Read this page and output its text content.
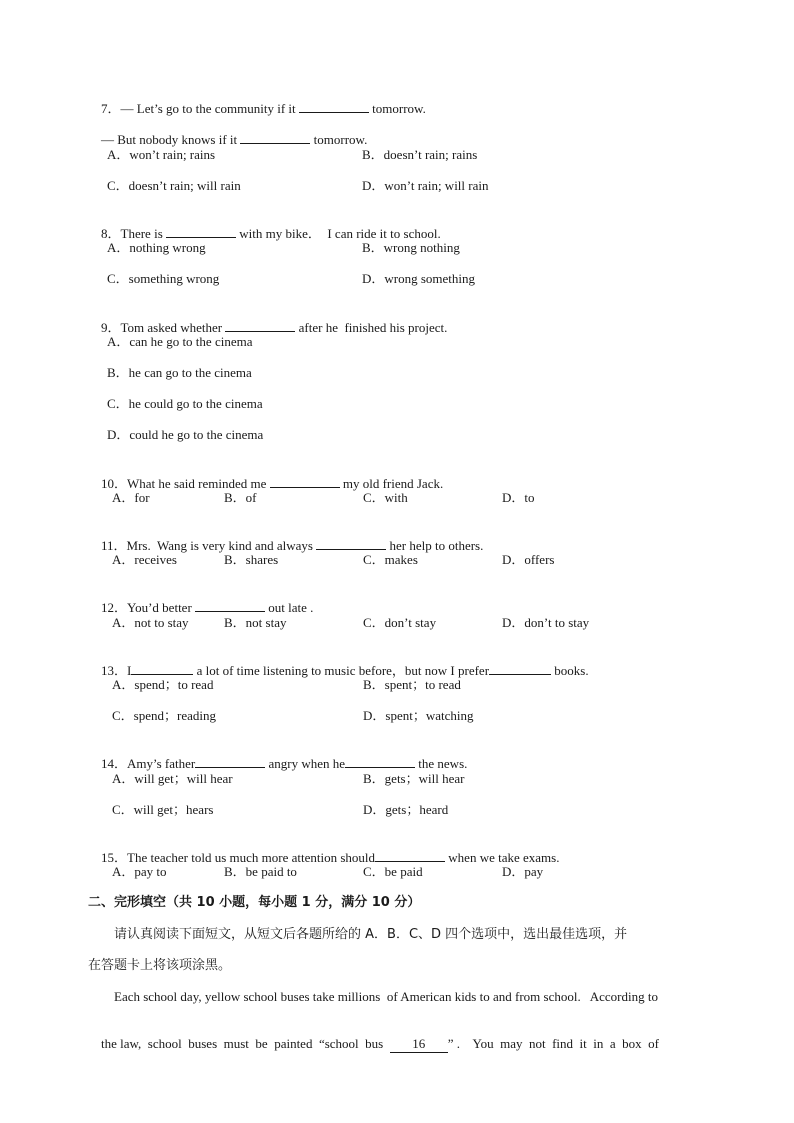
7．— Let’s go to the community if it	tomorrow.

— But nobody knows if it	tomorrow.

A．won’t rain; rains	B．doesn’t rain; rains
C．doesn’t rain; will rain	D．won’t rain; will rain

8．There is	with my bike．  I can ride it to school.

A．nothing wrong	B．wrong nothing
C．something wrong	D．wrong something

9．Tom asked whether	after he  finished his project.

A．can he go to the cinema
B．he can go to the cinema
C．he could go to the cinema
D．could he go to the cinema

10．What he said reminded me	my old friend Jack.

A．for	B．of	C．with	D．to

11．Mrs.  Wang is very kind and always	her help to others.

A．receives	B．shares	C．makes	D．offers

12．You’d better	out late .

A．not to stay	B．not stay	C．don’t stay	D．don’t to stay

13．I	a lot of time listening to music before，but now I prefer	books.

A．spend；to read	B．spent；to read
C．spend；reading	D．spent；watching

14．Amy’s father	angry when he	the news.

A．will get；will hear	B．gets；will hear
C．will get；hears	D．gets；heard

15．The teacher told us much more attention should	when we take exams.

A．pay to	B．be paid to	C．be paid	D．pay
二、完形填空（共 10 小题，每小题 1 分，满分 10 分）
请认真阅读下面短文，从短文后各题所给的 A．B．C、D 四个选项中，选出最佳选项，并
在答题卡上将该项涂黑。
Each school day, yellow school buses take millions  of American kids to and from school.   According to

the law,  school  buses  must  be  painted  “school  bus  16 ” .    You  may  not  find  it  in  a  box  of
